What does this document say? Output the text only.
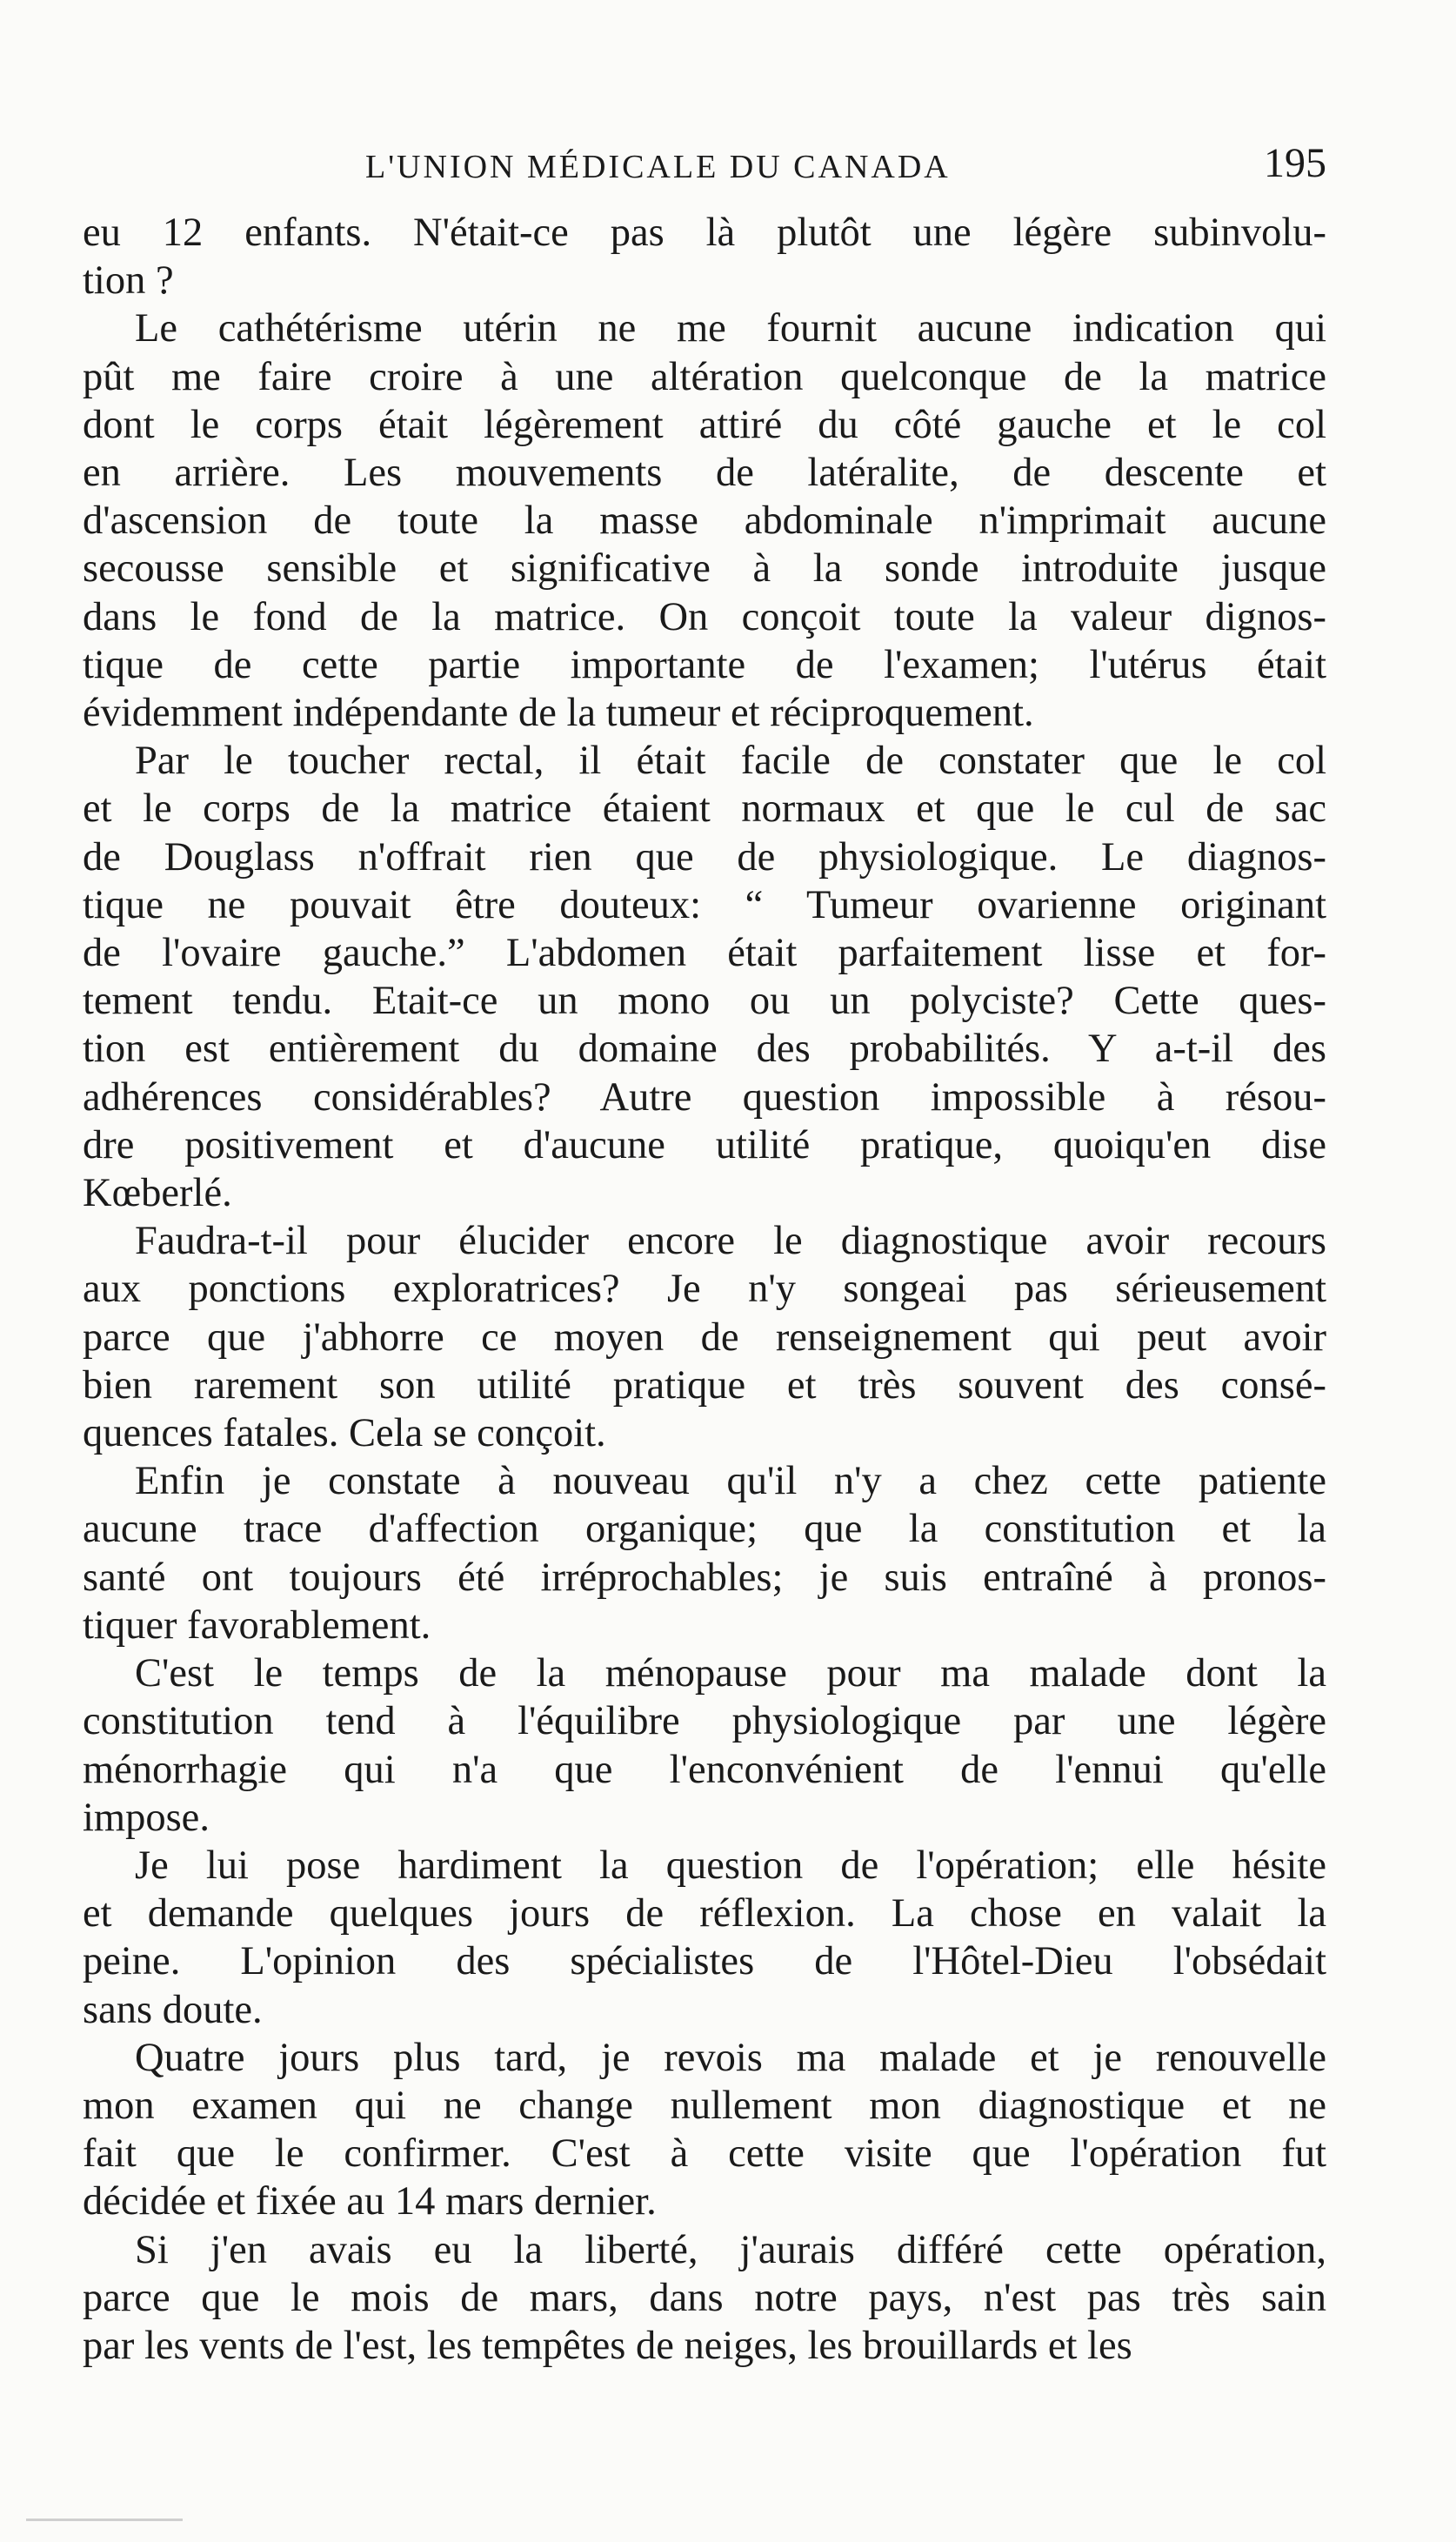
L'UNION MÉDICALE DU CANADA	195

eu 12 enfants. N'était-ce pas là plutôt une légère subinvolu-

tion ?

Le cathétérisme utérin ne me fournit aucune indication qui

pût me faire croire à une altération quelconque de la matrice

dont le corps était légèrement attiré du côté gauche et le col

en arrière. Les mouvements de latéralite, de descente et

d'ascension de toute la masse abdominale n'imprimait aucune

secousse sensible et significative à la sonde introduite jusque

dans le fond de la matrice. On conçoit toute la valeur dignos-

tique de cette partie importante de l'examen; l'utérus était

évidemment indépendante de la tumeur et réciproquement.

Par le toucher rectal, il était facile de constater que le col

et le corps de la matrice étaient normaux et que le cul de sac

de Douglass n'offrait rien que de physiologique. Le diagnos-

tique ne pouvait être douteux: “ Tumeur ovarienne originant

de l'ovaire gauche.” L'abdomen était parfaitement lisse et for-

tement tendu. Etait-ce un mono ou un polyciste? Cette ques-

tion est entièrement du domaine des probabilités. Y a-t-il des

adhérences considérables? Autre question impossible à résou-

dre positivement et d'aucune utilité pratique, quoiqu'en dise

Kœberlé.

Faudra-t-il pour élucider encore le diagnostique avoir recours

aux ponctions exploratrices? Je n'y songeai pas sérieusement

parce que j'abhorre ce moyen de renseignement qui peut avoir

bien rarement son utilité pratique et très souvent des consé-

quences fatales. Cela se conçoit.

Enfin je constate à nouveau qu'il n'y a chez cette patiente

aucune trace d'affection organique; que la constitution et la

santé ont toujours été irréprochables; je suis entraîné à pronos-

tiquer favorablement.

C'est le temps de la ménopause pour ma malade dont la

constitution tend à l'équilibre physiologique par une légère

ménorrhagie qui n'a que l'enconvénient de l'ennui qu'elle

impose.

Je lui pose hardiment la question de l'opération; elle hésite

et demande quelques jours de réflexion. La chose en valait la

peine. L'opinion des spécialistes de l'Hôtel-Dieu l'obsédait

sans doute.

Quatre jours plus tard, je revois ma malade et je renouvelle

mon examen qui ne change nullement mon diagnostique et ne

fait que le confirmer. C'est à cette visite que l'opération fut

décidée et fixée au 14 mars dernier.

Si j'en avais eu la liberté, j'aurais différé cette opération,

parce que le mois de mars, dans notre pays, n'est pas très sain

par les vents de l'est, les tempêtes de neiges, les brouillards et les
